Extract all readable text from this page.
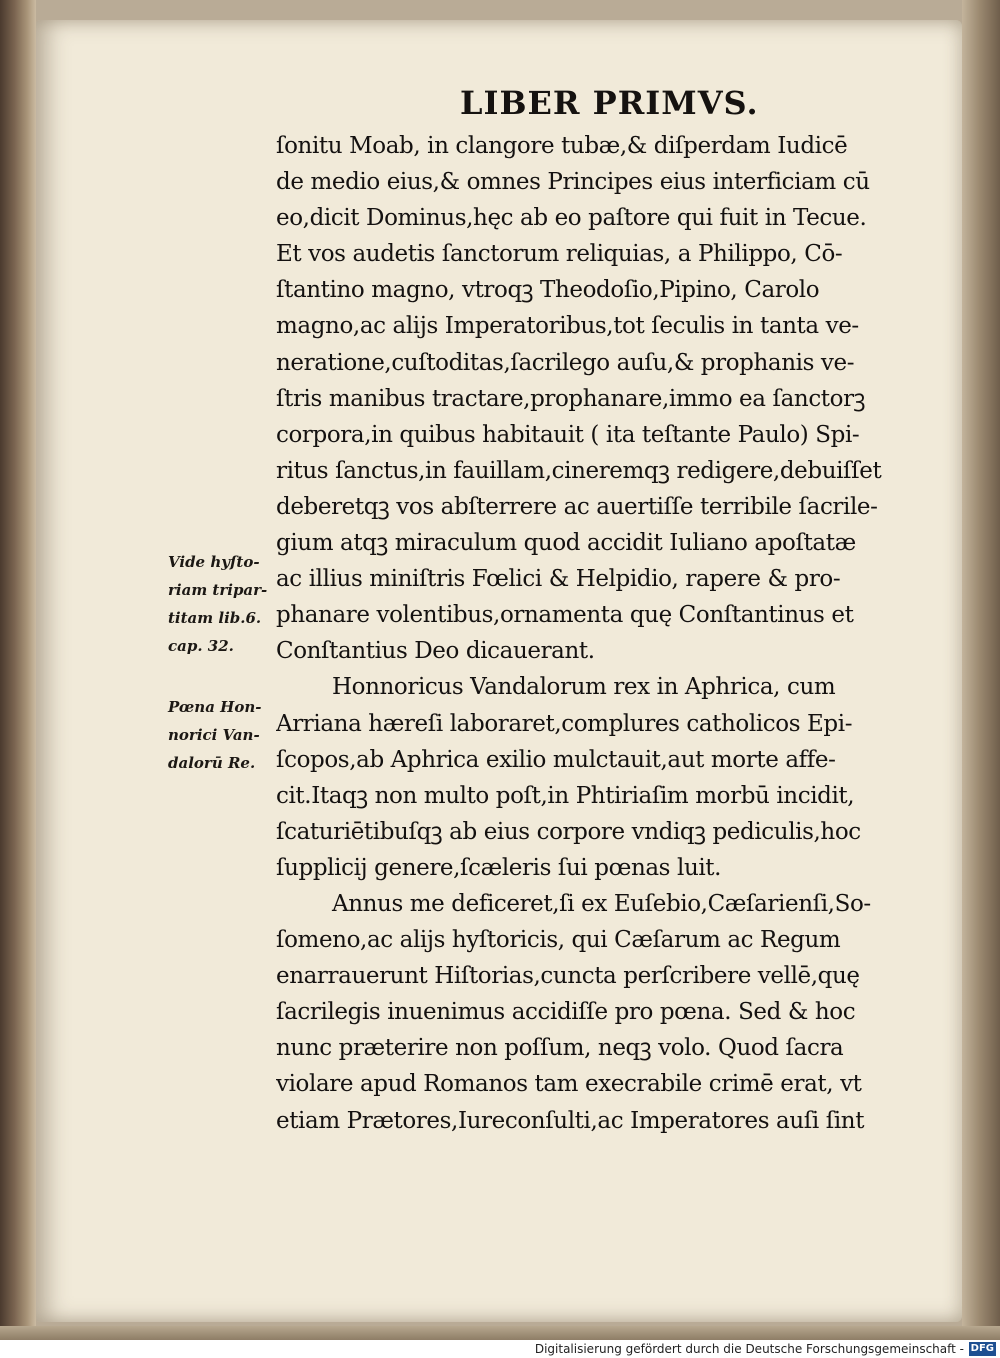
LIBER PRIMVS.
ſonitu Moab, in clangore tubæ,& diſperdam Iudicē
de medio eius,& omnes Principes eius interficiam cū
eo,dicit Dominus,hęc ab eo paſtore qui fuit in Tecue.
Et vos audetis ſanctorum reliquias, a Philippo, Cō-
ſtantino magno, vtroqꝫ Theodoſio,Pipino, Carolo
magno,ac alijs Imperatoribus,tot ſeculis in tanta ve-
neratione,cuſtoditas,ſacrilego auſu,& prophanis ve-
ſtris manibus tractare,prophanare,immo ea ſanctorꝫ
corpora,in quibus habitauit ( ita teſtante Paulo) Spi-
ritus ſanctus,in fauillam,cineremqꝫ redigere,debuiſſet
deberetqꝫ vos abſterrere ac auertiſſe terribile ſacrile-
gium atqꝫ miraculum quod accidit Iuliano apoſtatæ
ac illius miniſtris Fœlici & Helpidio, rapere & pro-
phanare volentibus,ornamenta quę Conſtantinus et
Conſtantius Deo dicauerant.
Honnoricus Vandalorum rex in Aphrica, cum
Arriana hæreſi laboraret,complures catholicos Epi-
ſcopos,ab Aphrica exilio mulctauit,aut morte affe-
cit.Itaqꝫ non multo poſt,in Phtiriaſim morbū incidit,
ſcaturiētibuſqꝫ ab eius corpore vndiqꝫ pediculis,hoc
ſupplicij genere,ſcæleris ſui pœnas luit.
Annus me deficeret,ſi ex Euſebio,Cæſarienſi,So-
ſomeno,ac alijs hyſtoricis, qui Cæſarum ac Regum
enarrauerunt Hiſtorias,cuncta perſcribere vellē,quę
ſacrilegis inuenimus accidiſſe pro pœna. Sed & hoc
nunc præterire non poſſum, neqꝫ volo. Quod ſacra
violare apud Romanos tam execrabile crimē erat, vt
etiam Prætores,Iureconſulti,ac Imperatores auſi ſint
Vide hyſto-
riam tripar-
titam lib.6.
cap. 32.
Pœna Hon-
norici Van-
dalorū Re.
Digitalisierung gefördert durch die Deutsche Forschungsgemeinschaft - DFG
